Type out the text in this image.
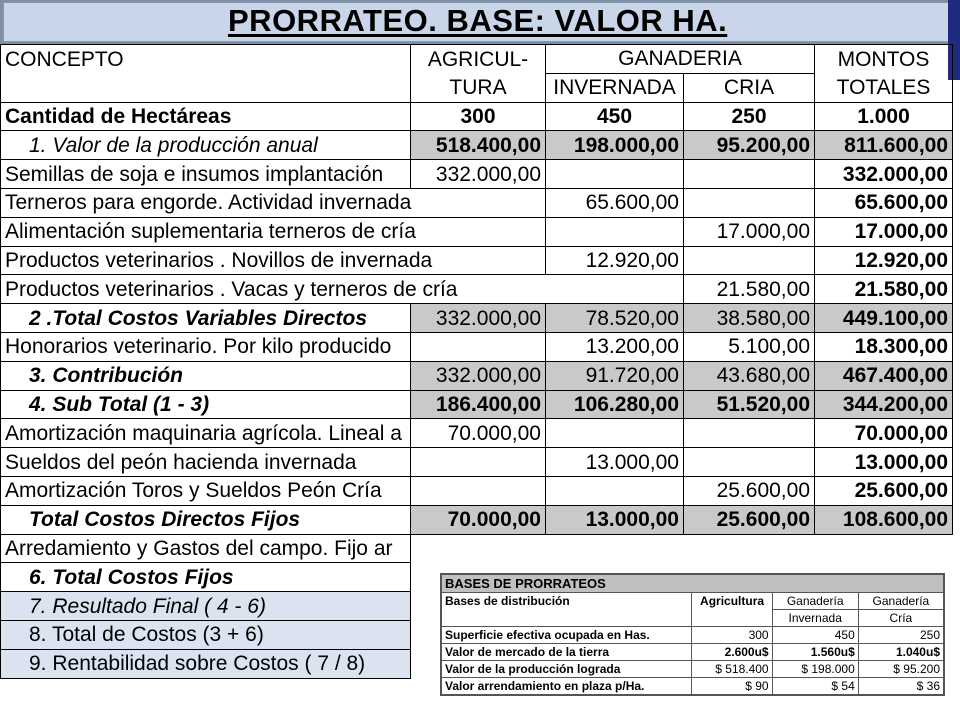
PRORRATEO. BASE: VALOR HA.
CONCEPTO	AGRICUL-	GANADERIA		MONTOS
	TURA	INVERNADA	CRIA	TOTALES
Cantidad de Hectáreas	300	450	250	1.000
1. Valor de la producción anual	518.400,00	198.000,00	95.200,00	811.600,00
Semillas de soja e insumos implantación	332.000,00			332.000,00
Terneros para engorde. Actividad invernada		65.600,00		65.600,00
Alimentación suplementaria terneros de cría			17.000,00	17.000,00
Productos veterinarios . Novillos de invernada		12.920,00		12.920,00
Productos veterinarios . Vacas y terneros de cría			21.580,00	21.580,00
2 .Total Costos Variables Directos	332.000,00	78.520,00	38.580,00	449.100,00
Honorarios veterinario. Por kilo producido		13.200,00	5.100,00	18.300,00
3. Contribución	332.000,00	91.720,00	43.680,00	467.400,00
4. Sub Total (1 - 3)	186.400,00	106.280,00	51.520,00	344.200,00
Amortización maquinaria agrícola. Lineal a	70.000,00			70.000,00
Sueldos del peón hacienda invernada		13.000,00		13.000,00
Amortización Toros y Sueldos Peón Cría			25.600,00	25.600,00
Total Costos Directos Fijos	70.000,00	13.000,00	25.600,00	108.600,00
Arredamiento y Gastos del campo. Fijo ar				
6. Total Costos Fijos				
7. Resultado Final ( 4 - 6)				
8. Total de Costos (3 + 6)				
9. Rentabilidad sobre Costos ( 7 / 8)				
BASES DE PRORRATEOS			
Bases de distribución	Agricultura	Ganadería	Ganadería
		Invernada	Cría
Superficie efectiva ocupada en Has.	300	450	250
Valor de mercado de la tierra	2.600u$	1.560u$	1.040u$
Valor de la producción lograda	$ 518.400	$ 198.000	$ 95.200
Valor arrendamiento en plaza p/Ha.	$ 90	$ 54	$ 36
